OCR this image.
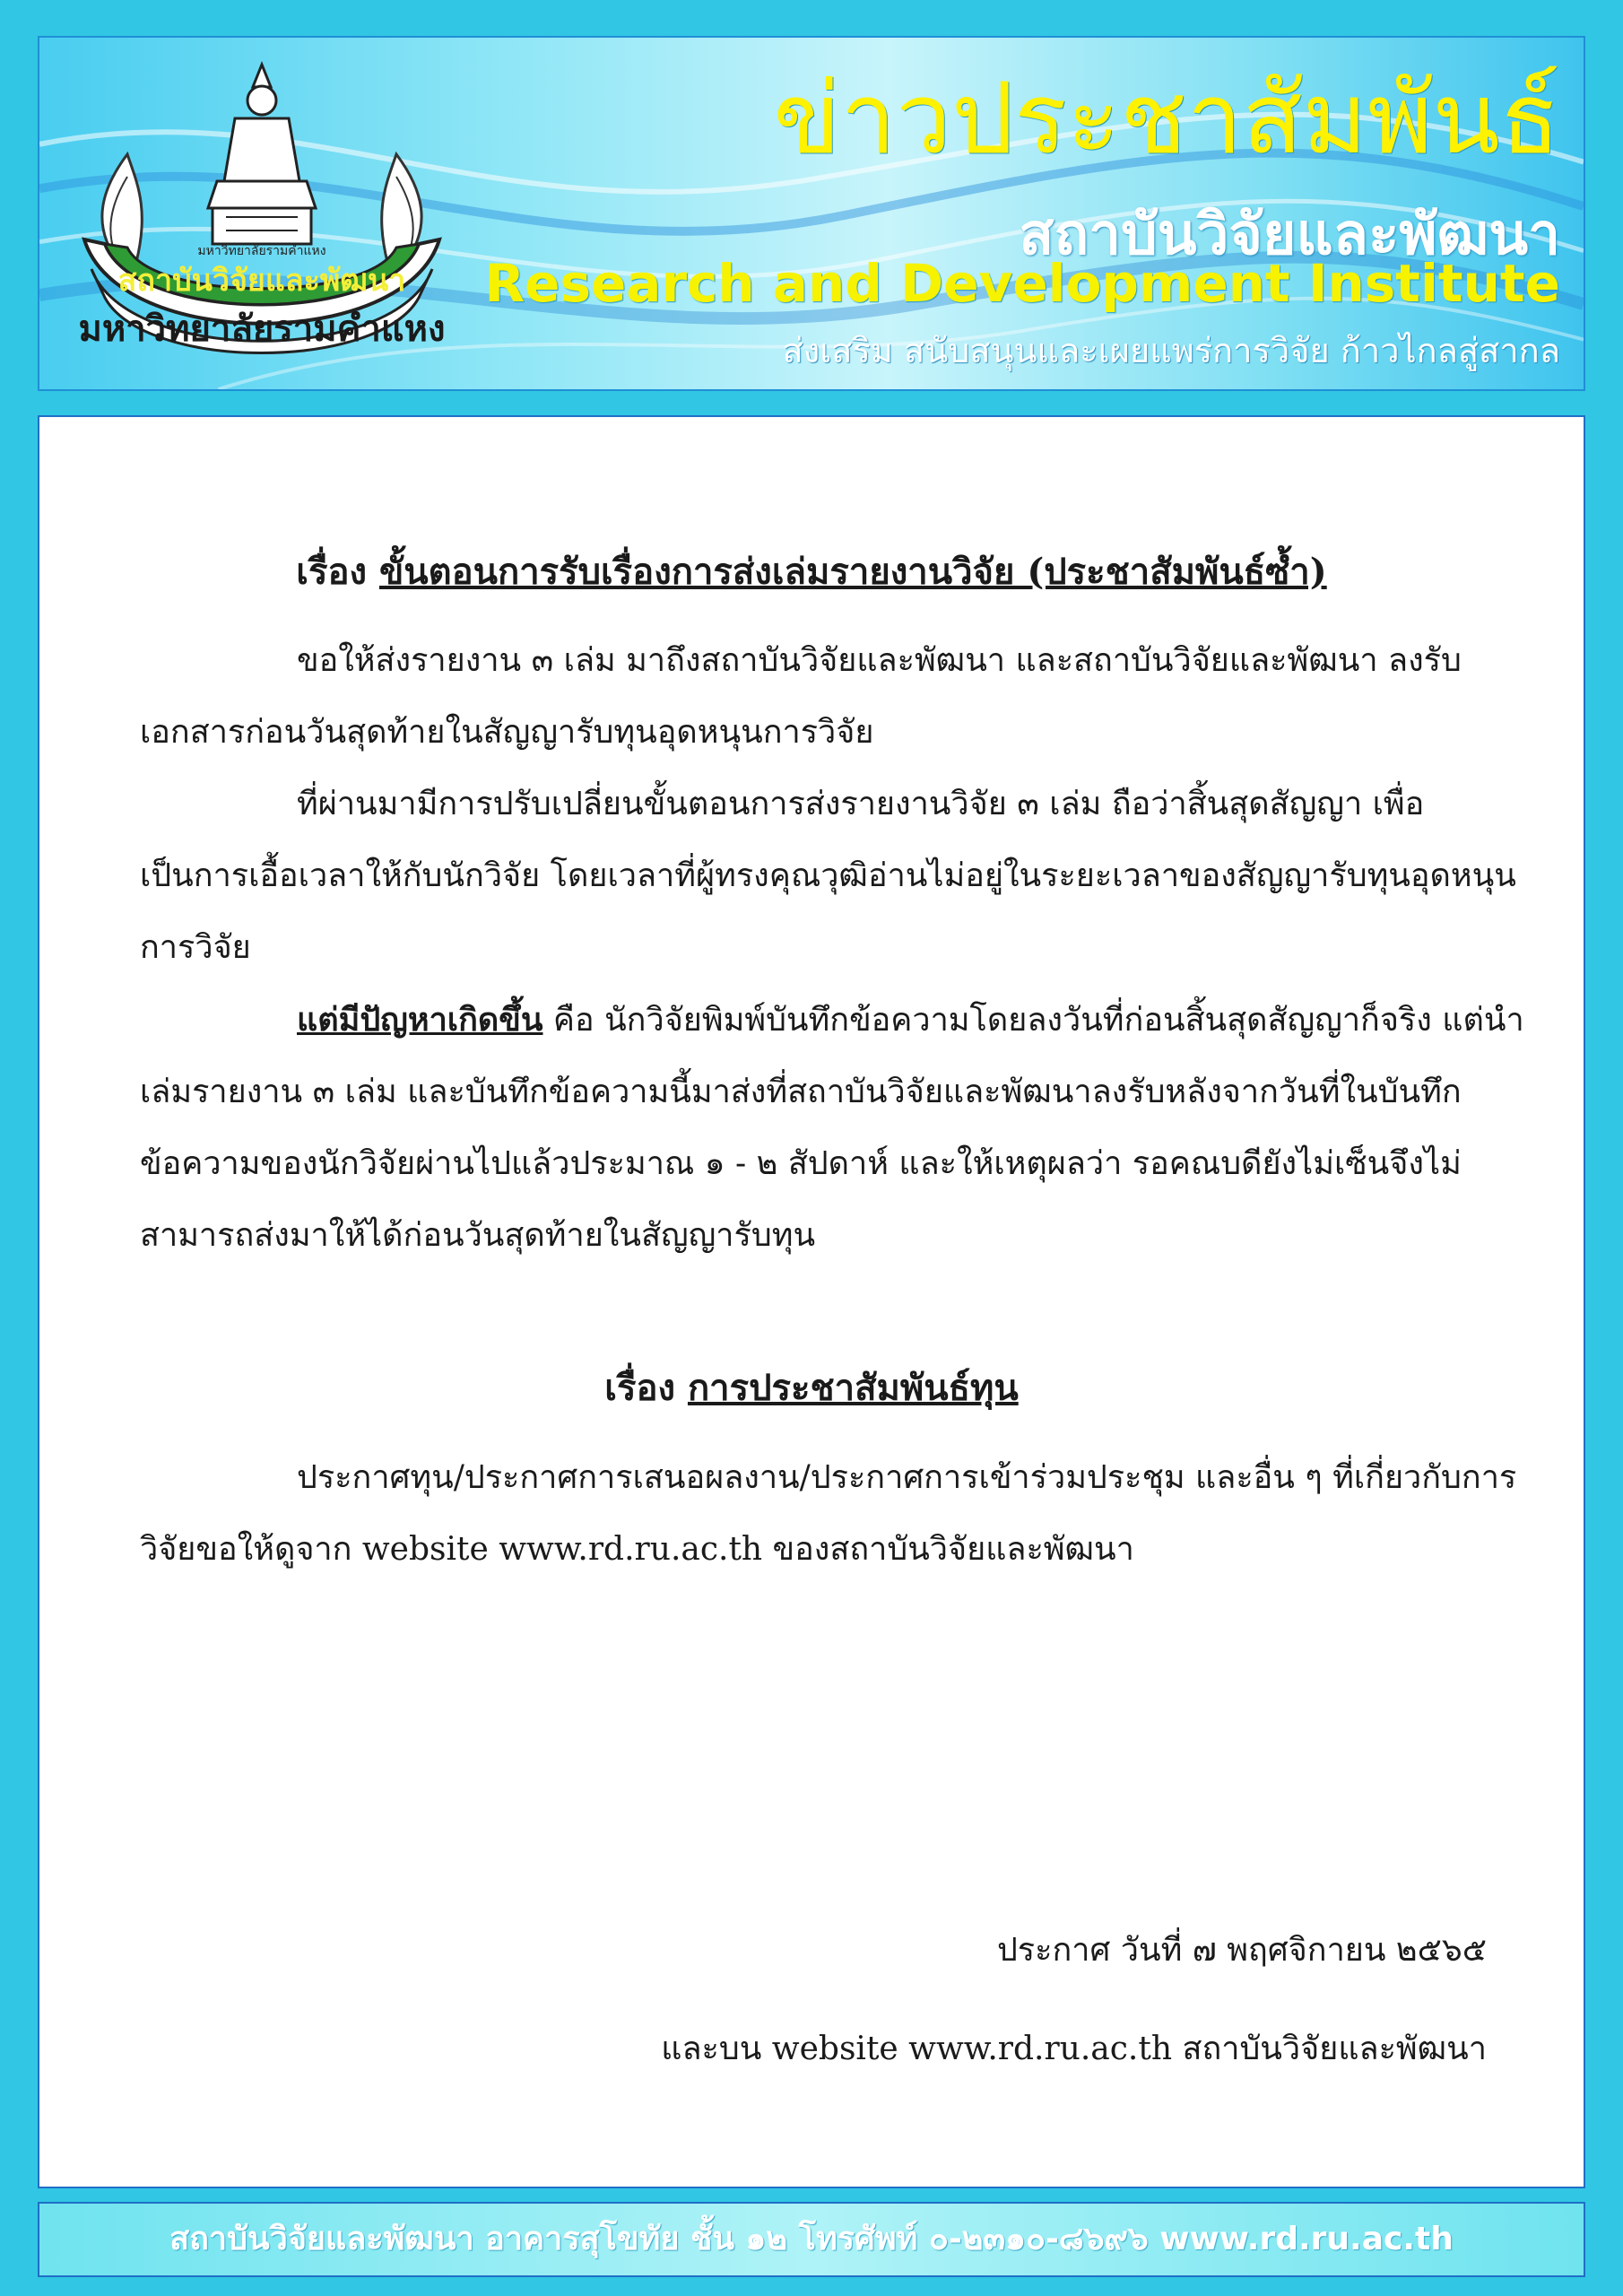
มหาวิทยาลัยรามคำแหง
สถาบันวิจัยและพัฒนา
มหาวิทยาลัยรามคำแหง
ข่าวประชาสัมพันธ์
สถาบันวิจัยและพัฒนา
Research and Development Institute
ส่งเสริม สนับสนุนและเผยแพร่การวิจัย ก้าวไกลสู่สากล
เรื่อง ขั้นตอนการรับเรื่องการส่งเล่มรายงานวิจัย (ประชาสัมพันธ์ซ้ำ)
ขอให้ส่งรายงาน ๓ เล่ม มาถึงสถาบันวิจัยและพัฒนา และสถาบันวิจัยและพัฒนา ลงรับเอกสารก่อนวันสุดท้ายในสัญญารับทุนอุดหนุนการวิจัย
ที่ผ่านมามีการปรับเปลี่ยนขั้นตอนการส่งรายงานวิจัย ๓ เล่ม ถือว่าสิ้นสุดสัญญา เพื่อเป็นการเอื้อเวลาให้กับนักวิจัย โดยเวลาที่ผู้ทรงคุณวุฒิอ่านไม่อยู่ในระยะเวลาของสัญญารับทุนอุดหนุนการวิจัย
แต่มีปัญหาเกิดขึ้น คือ นักวิจัยพิมพ์บันทึกข้อความโดยลงวันที่ก่อนสิ้นสุดสัญญาก็จริง แต่นำเล่มรายงาน ๓ เล่ม และบันทึกข้อความนี้มาส่งที่สถาบันวิจัยและพัฒนาลงรับหลังจากวันที่ในบันทึกข้อความของนักวิจัยผ่านไปแล้วประมาณ ๑ - ๒ สัปดาห์ และให้เหตุผลว่า รอคณบดียังไม่เซ็นจึงไม่สามารถส่งมาให้ได้ก่อนวันสุดท้ายในสัญญารับทุน
เรื่อง การประชาสัมพันธ์ทุน
ประกาศทุน/ประกาศการเสนอผลงาน/ประกาศการเข้าร่วมประชุม และอื่น ๆ ที่เกี่ยวกับการวิจัยขอให้ดูจาก website www.rd.ru.ac.th ของสถาบันวิจัยและพัฒนา
ประกาศ วันที่ ๗ พฤศจิกายน ๒๕๖๕
และบน website www.rd.ru.ac.th สถาบันวิจัยและพัฒนา
สถาบันวิจัยและพัฒนา อาคารสุโขทัย ชั้น ๑๒ โทรศัพท์ ๐-๒๓๑๐-๘๖๙๖ www.rd.ru.ac.th
